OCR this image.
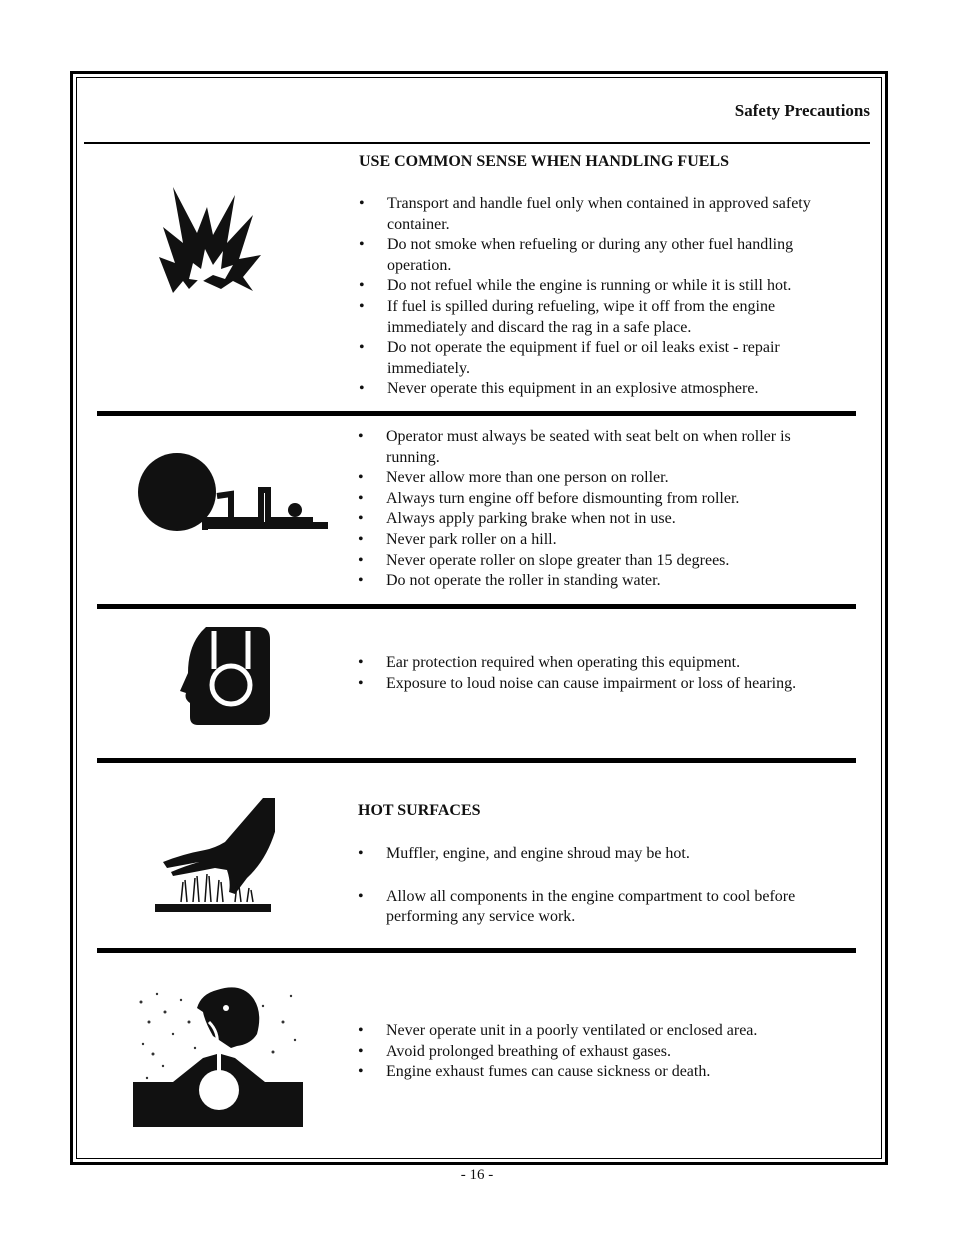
Safety Precautions
USE COMMON SENSE WHEN HANDLING FUELS
• Transport and handle fuel only when contained in approved safety container.
• Do not smoke when refueling or during any other fuel handling operation.
• Do not refuel while the engine is running or while it is still hot.
• If fuel is spilled during refueling, wipe it off from the engine immediately and discard the rag in a safe place.
• Do not operate the equipment if fuel or oil leaks exist - repair immediately.
• Never operate this equipment in an explosive atmosphere.
• Operator must always be seated with seat belt on when roller is running.
• Never allow more than one person on roller.
• Always turn engine off before dismounting from roller.
• Always apply parking brake when not in use.
• Never park roller on a hill.
• Never operate roller on slope greater than 15 degrees.
• Do not operate the roller in standing water.
• Ear protection required when operating this equipment.
• Exposure to loud noise can cause impairment or loss of hearing.
HOT SURFACES
• Muffler, engine, and engine shroud may be hot.
• Allow all components in the engine compartment to cool before performing any service work.
• Never operate unit in a poorly ventilated or enclosed area.
• Avoid prolonged breathing of exhaust gases.
• Engine exhaust fumes can cause sickness or death.
- 16 -
